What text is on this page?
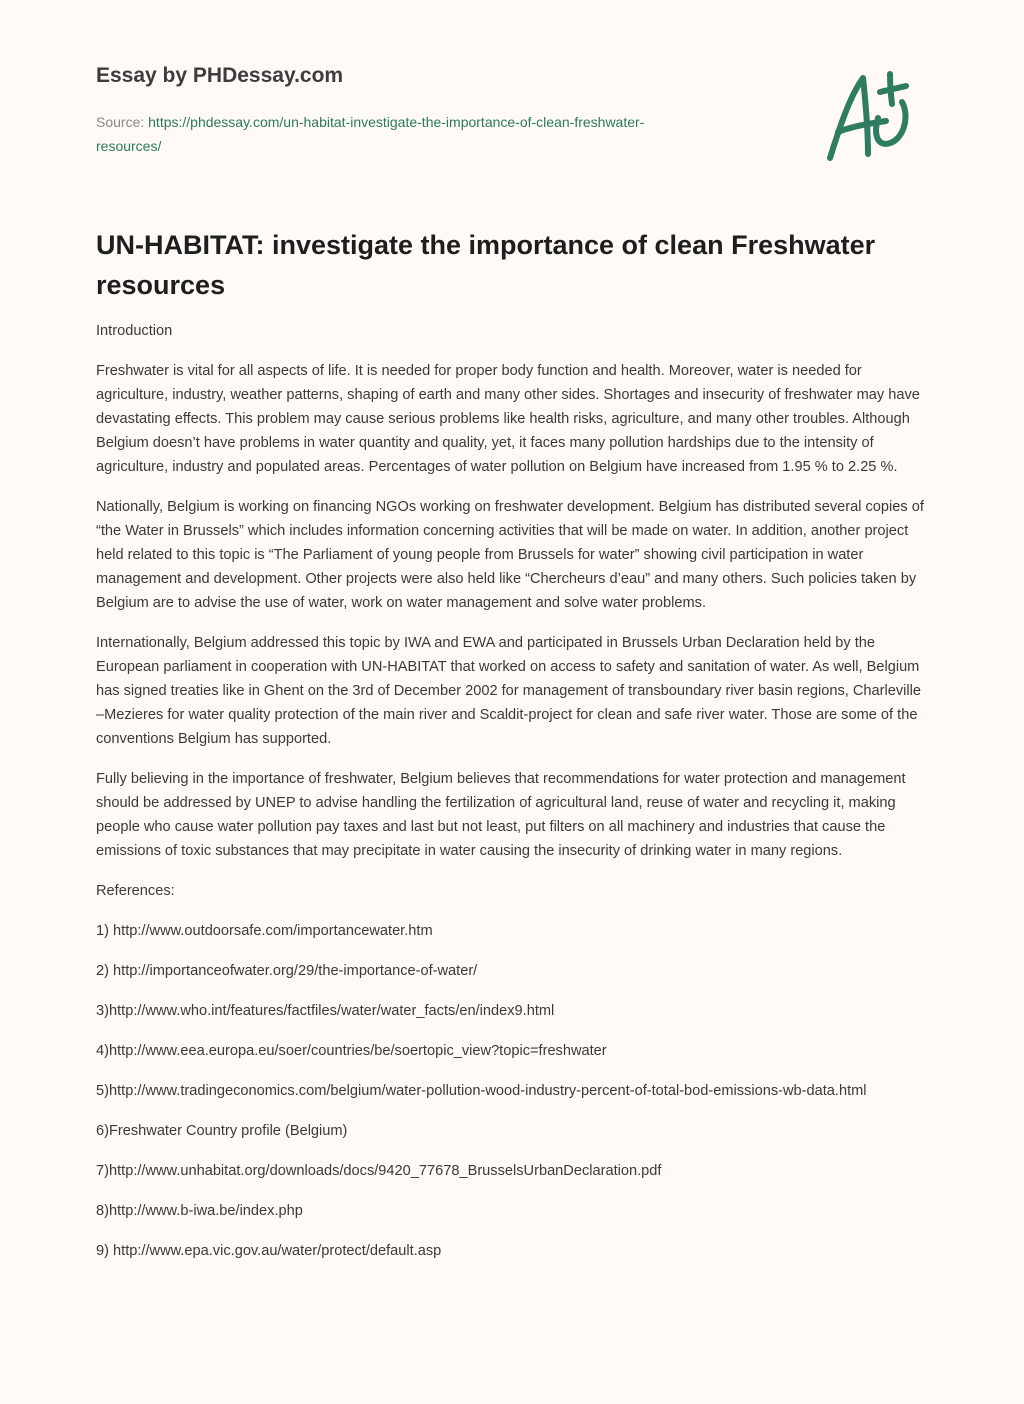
Essay by PHDessay.com

Source: https://phdessay.com/un-habitat-investigate-the-importance-of-clean-freshwater-resources/

UN-HABITAT: investigate the importance of clean Freshwater resources

Introduction

Freshwater is vital for all aspects of life. It is needed for proper body function and health. Moreover, water is needed for agriculture, industry, weather patterns, shaping of earth and many other sides. Shortages and insecurity of freshwater may have devastating effects. This problem may cause serious problems like health risks, agriculture, and many other troubles. Although Belgium doesn’t have problems in water quantity and quality, yet, it faces many pollution hardships due to the intensity of agriculture, industry and populated areas. Percentages of water pollution on Belgium have increased from 1.95 % to 2.25 %.

Nationally, Belgium is working on financing NGOs working on freshwater development. Belgium has distributed several copies of “the Water in Brussels” which includes information concerning activities that will be made on water. In addition, another project held related to this topic is “The Parliament of young people from Brussels for water” showing civil participation in water management and development. Other projects were also held like “Chercheurs d’eau” and many others. Such policies taken by Belgium are to advise the use of water, work on water management and solve water problems.

Internationally, Belgium addressed this topic by IWA and EWA and participated in Brussels Urban Declaration held by the European parliament in cooperation with UN-HABITAT that worked on access to safety and sanitation of water. As well, Belgium has signed treaties like in Ghent on the 3rd of December 2002 for management of transboundary river basin regions, Charleville –Mezieres for water quality protection of the main river and Scaldit-project for clean and safe river water. Those are some of the conventions Belgium has supported.

Fully believing in the importance of freshwater, Belgium believes that recommendations for water protection and management should be addressed by UNEP to advise handling the fertilization of agricultural land, reuse of water and recycling it, making people who cause water pollution pay taxes and last but not least, put filters on all machinery and industries that cause the emissions of toxic substances that may precipitate in water causing the insecurity of drinking water in many regions.

References:

1) http://www.outdoorsafe.com/importancewater.htm

2) http://importanceofwater.org/29/the-importance-of-water/

3)http://www.who.int/features/factfiles/water/water_facts/en/index9.html

4)http://www.eea.europa.eu/soer/countries/be/soertopic_view?topic=freshwater

5)http://www.tradingeconomics.com/belgium/water-pollution-wood-industry-percent-of-total-bod-emissions-wb-data.html

6)Freshwater Country profile (Belgium)

7)http://www.unhabitat.org/downloads/docs/9420_77678_BrusselsUrbanDeclaration.pdf

8)http://www.b-iwa.be/index.php

9) http://www.epa.vic.gov.au/water/protect/default.asp
